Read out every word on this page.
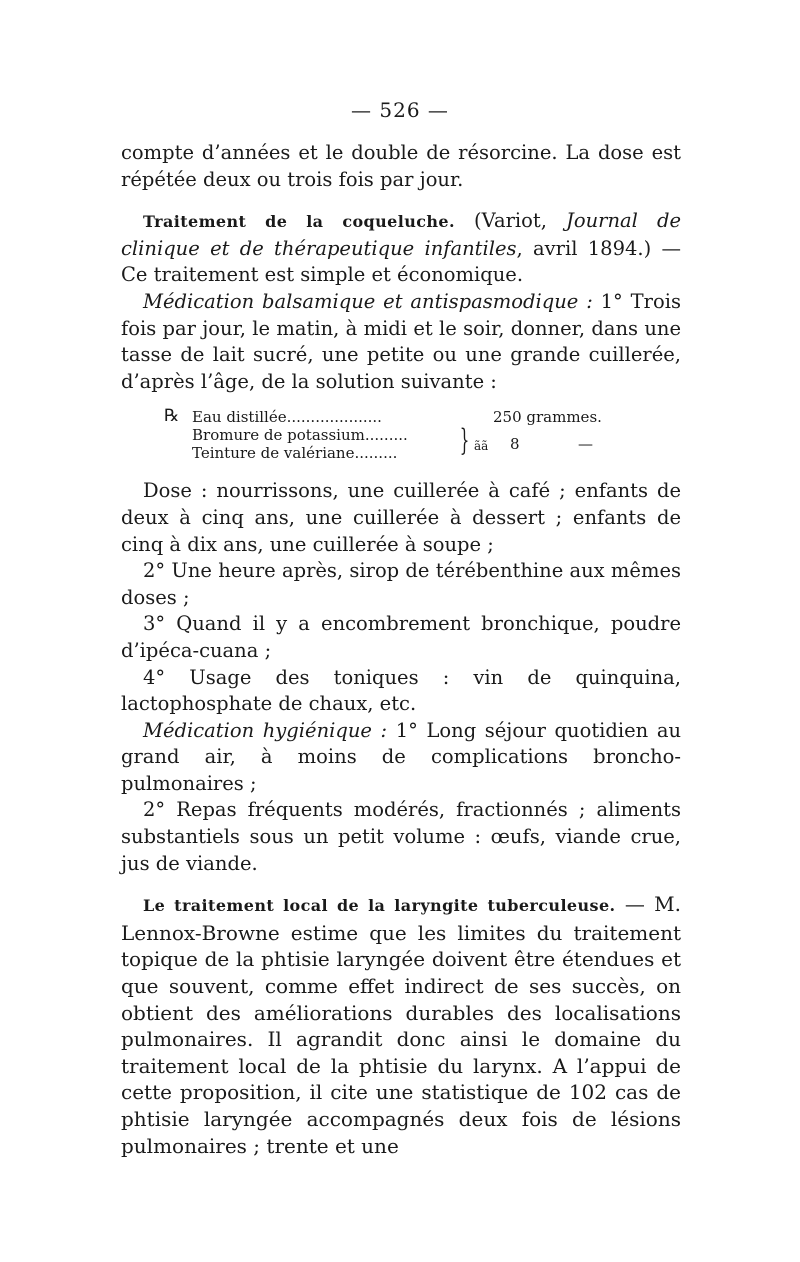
— 526 —

compte d’années et le double de résorcine. La dose est répétée deux ou trois fois par jour.

Traitement de la coqueluche. (Variot, Journal de clinique et de thérapeutique infantiles, avril 1894.) — Ce traitement est simple et économique.

Médication balsamique et antispasmodique : 1° Trois fois par jour, le matin, à midi et le soir, donner, dans une tasse de lait sucré, une petite ou une grande cuillerée, d’après l’âge, de la solution suivante :

℞ Eau distillée....................	250 grammes.
Bromure de potassium.........
Teinture de valériane......... } ãã 8	—

Dose : nourrissons, une cuillerée à café ; enfants de deux à cinq ans, une cuillerée à dessert ; enfants de cinq à dix ans, une cuillerée à soupe ;

2° Une heure après, sirop de térébenthine aux mêmes doses ;

3° Quand il y a encombrement bronchique, poudre d’ipéca-cuana ;

4° Usage des toniques : vin de quinquina, lactophosphate de chaux, etc.

Médication hygiénique : 1° Long séjour quotidien au grand air, à moins de complications broncho-pulmonaires ;

2° Repas fréquents modérés, fractionnés ; aliments substantiels sous un petit volume : œufs, viande crue, jus de viande.

Le traitement local de la laryngite tuberculeuse. — M. Lennox-Browne estime que les limites du traitement topique de la phtisie laryngée doivent être étendues et que souvent, comme effet indirect de ses succès, on obtient des améliorations durables des localisations pulmonaires. Il agrandit donc ainsi le domaine du traitement local de la phtisie du larynx. A l’appui de cette proposition, il cite une statistique de 102 cas de phtisie laryngée accompagnés deux fois de lésions pulmonaires ; trente et une
